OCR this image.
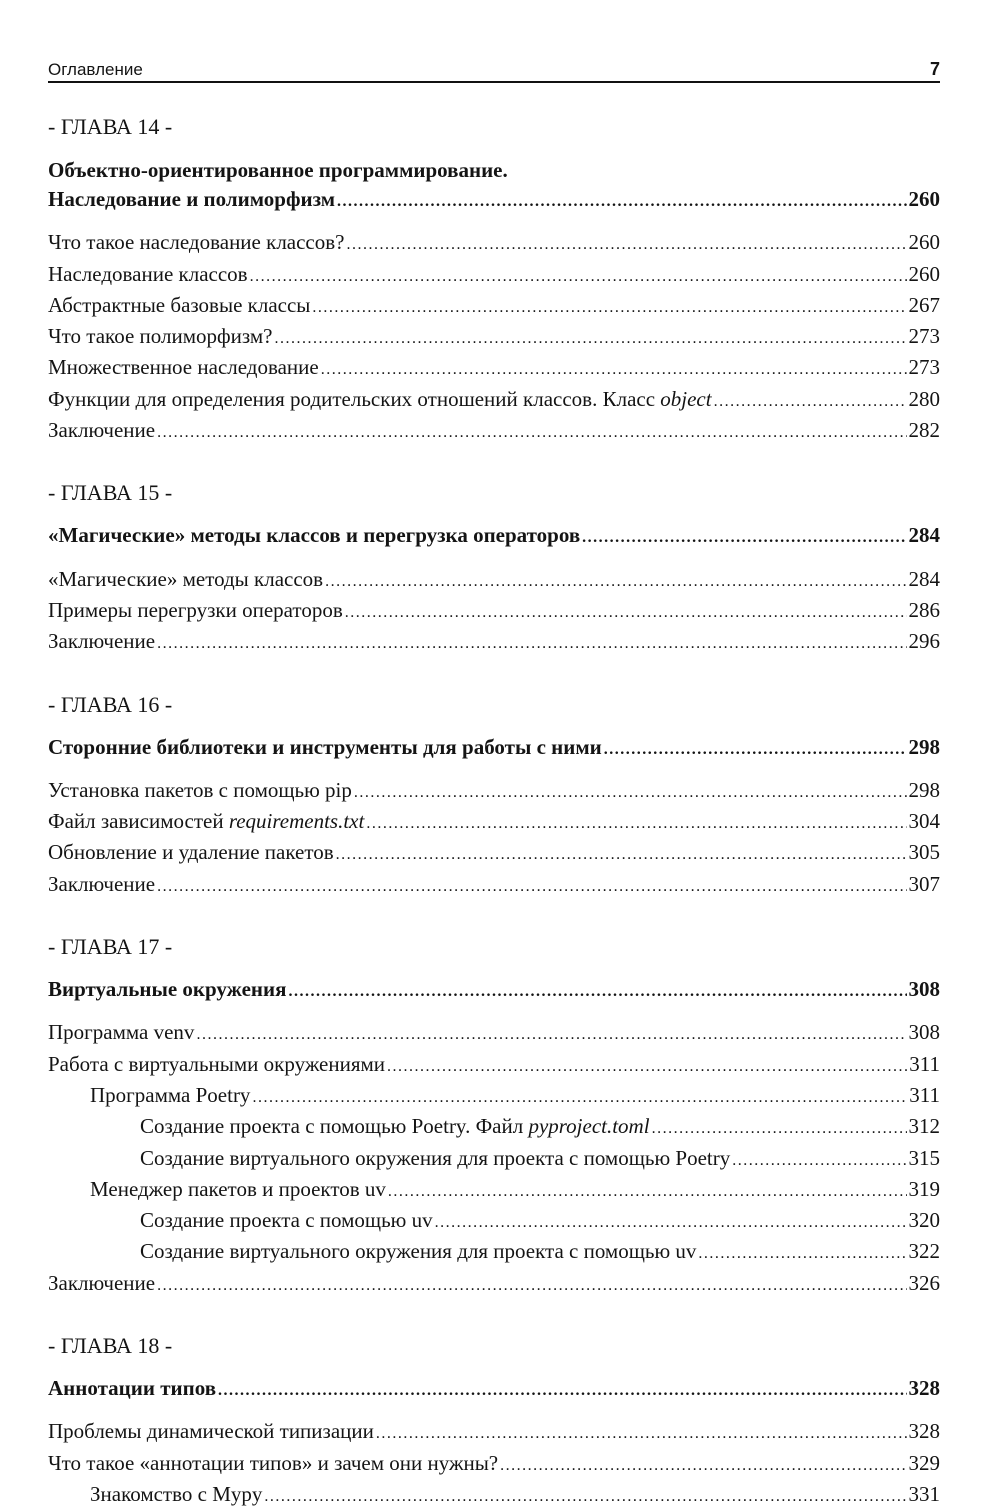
Оглавление	7
- ГЛАВА 14 -
Объектно-ориентированное программирование.
Наследование и полиморфизм .....	260
Что такое наследование классов? .....	260
Наследование классов .....	260
Абстрактные базовые классы .....	267
Что такое полиморфизм? .....	273
Множественное наследование .....	273
Функции для определения родительских отношений классов. Класс object .....	280
Заключение .....	282
- ГЛАВА 15 -
«Магические» методы классов и перегрузка операторов .....	284
«Магические» методы классов .....	284
Примеры перегрузки операторов .....	286
Заключение .....	296
- ГЛАВА 16 -
Сторонние библиотеки и инструменты для работы с ними .....	298
Установка пакетов с помощью pip .....	298
Файл зависимостей requirements.txt .....	304
Обновление и удаление пакетов .....	305
Заключение .....	307
- ГЛАВА 17 -
Виртуальные окружения .....	308
Программа venv .....	308
Работа с виртуальными окружениями .....	311
Программа Poetry .....	311
Создание проекта с помощью Poetry. Файл pyproject.toml .....	312
Создание виртуального окружения для проекта с помощью Poetry .....	315
Менеджер пакетов и проектов uv .....	319
Создание проекта с помощью uv .....	320
Создание виртуального окружения для проекта с помощью uv .....	322
Заключение .....	326
- ГЛАВА 18 -
Аннотации типов .....	328
Проблемы динамической типизации .....	328
Что такое «аннотации типов» и зачем они нужны? .....	329
Знакомство с Mypy .....	331
